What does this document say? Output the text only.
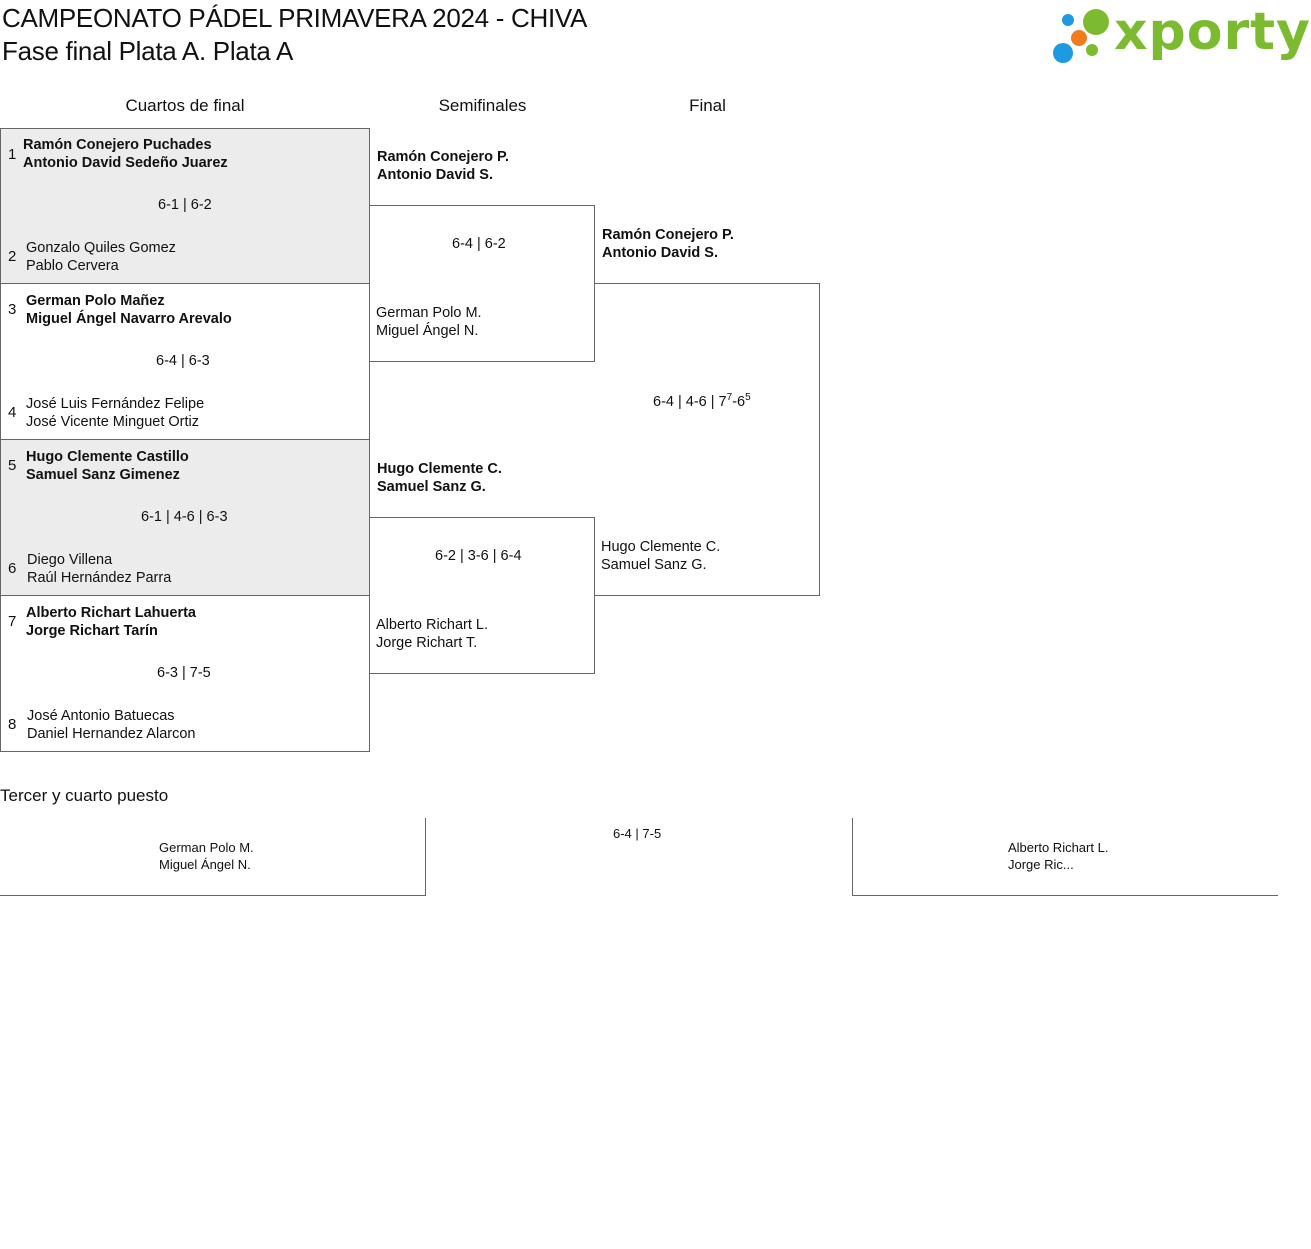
CAMPEONATO PÁDEL PRIMAVERA 2024 - CHIVA
Fase final Plata A. Plata A	xporty
Cuartos de final	Semifinales	Final
1
Ramón Conejero Puchades
Antonio David Sedeño Juarez
6-1 | 6-2
2 Gonzalo Quiles Gomez
Pablo Cervera
3 German Polo Mañez
Miguel Ángel Navarro Arevalo
6-4 | 6-3
4 José Luis Fernández Felipe
José Vicente Minguet Ortiz
5 Hugo Clemente Castillo
Samuel Sanz Gimenez
6-1 | 4-6 | 6-3
6 Diego Villena
Raúl Hernández Parra
7 Alberto Richart Lahuerta
Jorge Richart Tarín
6-3 | 7-5
8 José Antonio Batuecas
Daniel Hernandez Alarcon
Ramón Conejero P.
Antonio David S.
6-4 | 6-2
German Polo M.
Miguel Ángel N.
Hugo Clemente C.
Samuel Sanz G.
6-2 | 3-6 | 6-4
Alberto Richart L.
Jorge Richart T.
Ramón Conejero P.
Antonio David S.
6-4 | 4-6 | $7^7-6^5$
Hugo Clemente C.
Samuel Sanz G.
Tercer y cuarto puesto
German Polo M.
Miguel Ángel N.
6-4 | 7-5
Alberto Richart L.
Jorge Ric...
